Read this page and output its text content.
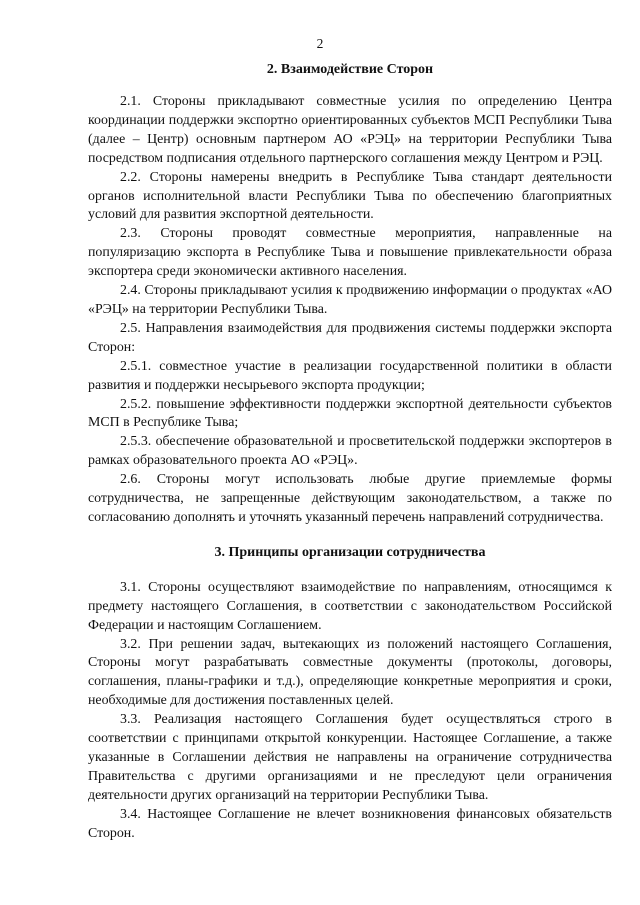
2
2. Взаимодействие Сторон

2.1. Стороны прикладывают совместные усилия по определению Центра координации поддержки экспортно ориентированных субъектов МСП Республики Тыва (далее – Центр) основным партнером АО «РЭЦ» на территории Республики Тыва посредством подписания отдельного партнерского соглашения между Центром и РЭЦ.

2.2. Стороны намерены внедрить в Республике Тыва стандарт деятельности органов исполнительной власти Республики Тыва по обеспечению благоприятных условий для развития экспортной деятельности.

2.3. Стороны проводят совместные мероприятия, направленные на популяризацию экспорта в Республике Тыва и повышение привлекательности образа экспортера среди экономически активного населения.

2.4. Стороны прикладывают усилия к продвижению информации о продуктах «АО «РЭЦ» на территории Республики Тыва.

2.5. Направления взаимодействия для продвижения системы поддержки экспорта Сторон:

2.5.1. совместное участие в реализации государственной политики в области развития и поддержки несырьевого экспорта продукции;

2.5.2. повышение эффективности поддержки экспортной деятельности субъектов МСП в Республике Тыва;

2.5.3. обеспечение образовательной и просветительской поддержки экспортеров в рамках образовательного проекта АО «РЭЦ».

2.6. Стороны могут использовать любые другие приемлемые формы сотрудничества, не запрещенные действующим законодательством, а также по согласованию дополнять и уточнять указанный перечень направлений сотрудничества.

3. Принципы организации сотрудничества

3.1. Стороны осуществляют взаимодействие по направлениям, относящимся к предмету настоящего Соглашения, в соответствии с законодательством Российской Федерации и настоящим Соглашением.

3.2. При решении задач, вытекающих из положений настоящего Соглашения, Стороны могут разрабатывать совместные документы (протоколы, договоры, соглашения, планы-графики и т.д.), определяющие конкретные мероприятия и сроки, необходимые для достижения поставленных целей.

3.3. Реализация настоящего Соглашения будет осуществляться строго в соответствии с принципами открытой конкуренции. Настоящее Соглашение, а также указанные в Соглашении действия не направлены на ограничение сотрудничества Правительства с другими организациями и не преследуют цели ограничения деятельности других организаций на территории Республики Тыва.

3.4. Настоящее Соглашение не влечет возникновения финансовых обязательств Сторон.
